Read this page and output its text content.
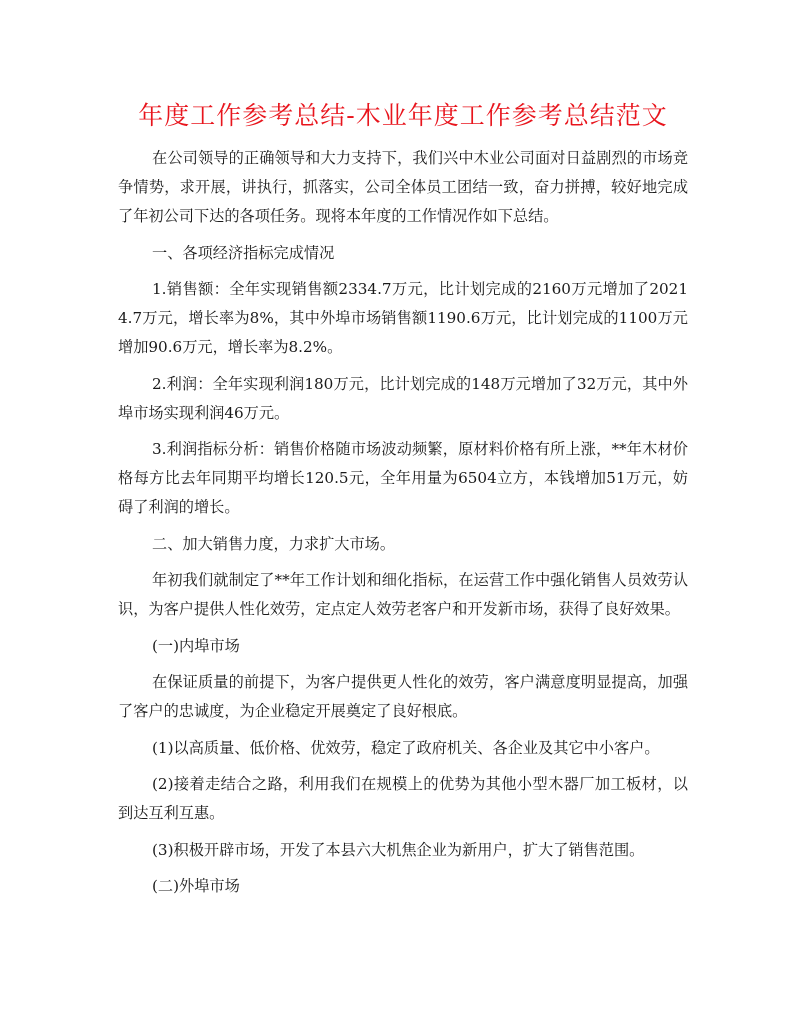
年度工作参考总结-木业年度工作参考总结范文

在公司领导的正确领导和大力支持下，我们兴中木业公司面对日益剧烈的市场竞争情势，求开展，讲执行，抓落实，公司全体员工团结一致，奋力拼搏，较好地完成了年初公司下达的各项任务。现将本年度的工作情况作如下总结。

一、各项经济指标完成情况

1.销售额：全年实现销售额2334.7万元，比计划完成的2160万元增加了20214.7万元，增长率为8%，其中外埠市场销售额1190.6万元，比计划完成的1100万元增加90.6万元，增长率为8.2%。

2.利润：全年实现利润180万元，比计划完成的148万元增加了32万元，其中外埠市场实现利润46万元。

3.利润指标分析：销售价格随市场波动频繁，原材料价格有所上涨，**年木材价格每方比去年同期平均增长120.5元，全年用量为6504立方，本钱增加51万元，妨碍了利润的增长。

二、加大销售力度，力求扩大市场。

年初我们就制定了**年工作计划和细化指标，在运营工作中强化销售人员效劳认识，为客户提供人性化效劳，定点定人效劳老客户和开发新市场，获得了良好效果。

(一)内埠市场

在保证质量的前提下，为客户提供更人性化的效劳，客户满意度明显提高，加强了客户的忠诚度，为企业稳定开展奠定了良好根底。

(1)以高质量、低价格、优效劳，稳定了政府机关、各企业及其它中小客户。

(2)接着走结合之路，利用我们在规模上的优势为其他小型木器厂加工板材，以到达互利互惠。

(3)积极开辟市场，开发了本县六大机焦企业为新用户，扩大了销售范围。

(二)外埠市场
